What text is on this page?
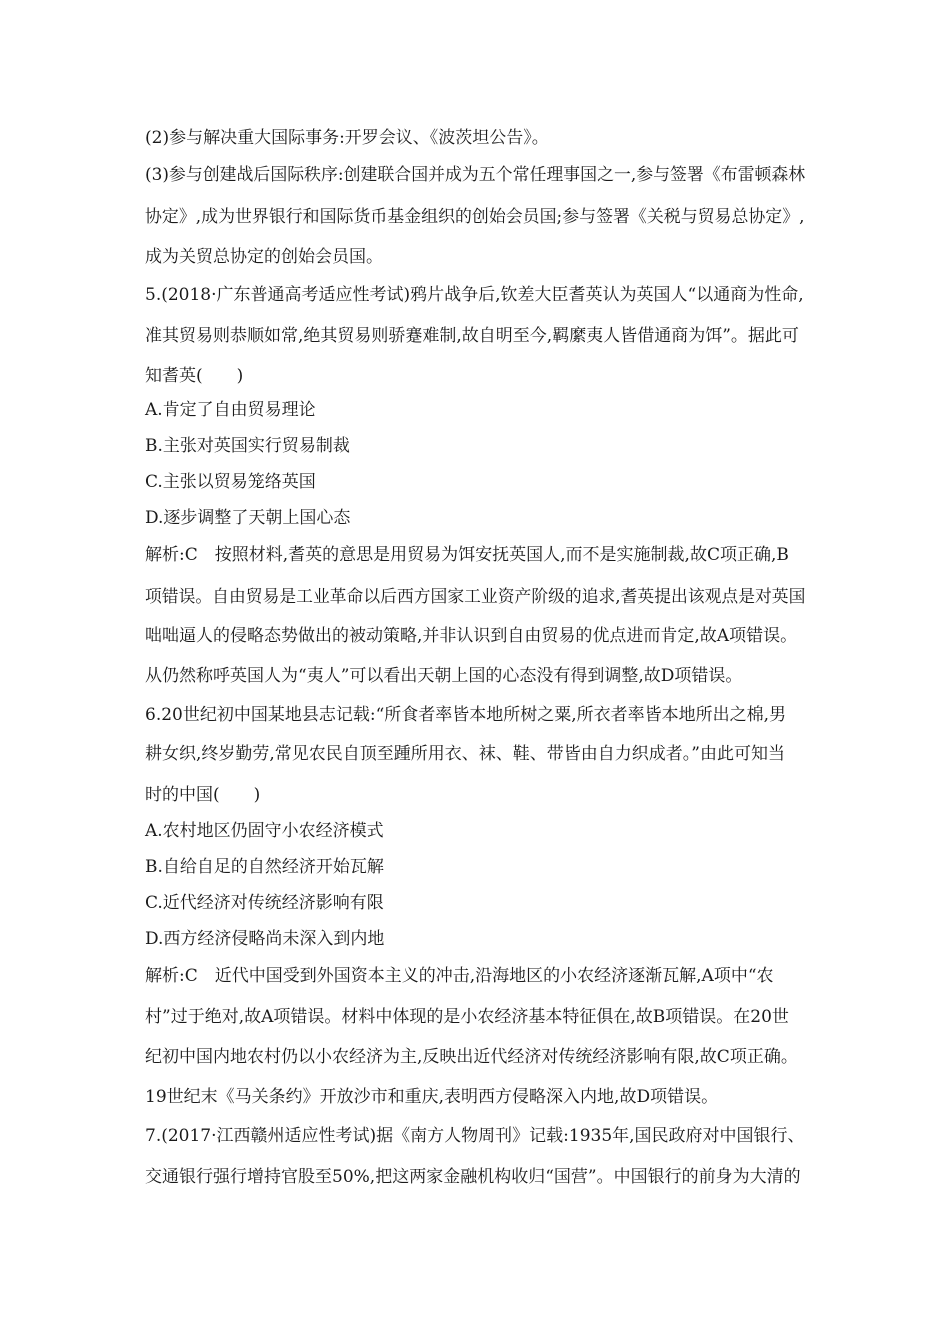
(2)参与解决重大国际事务:开罗会议、《波茨坦公告》。
(3)参与创建战后国际秩序:创建联合国并成为五个常任理事国之一,参与签署《布雷顿森林
协定》,成为世界银行和国际货币基金组织的创始会员国;参与签署《关税与贸易总协定》,
成为关贸总协定的创始会员国。
5.(2018·广东普通高考适应性考试)鸦片战争后,钦差大臣耆英认为英国人“以通商为性命,
准其贸易则恭顺如常,绝其贸易则骄蹇难制,故自明至今,羁縻夷人皆借通商为饵”。据此可
知耆英(　　)
A.肯定了自由贸易理论
B.主张对英国实行贸易制裁
C.主张以贸易笼络英国
D.逐步调整了天朝上国心态
解析:C　按照材料,耆英的意思是用贸易为饵安抚英国人,而不是实施制裁,故C项正确,B
项错误。自由贸易是工业革命以后西方国家工业资产阶级的追求,耆英提出该观点是对英国
咄咄逼人的侵略态势做出的被动策略,并非认识到自由贸易的优点进而肯定,故A项错误。
从仍然称呼英国人为“夷人”可以看出天朝上国的心态没有得到调整,故D项错误。
6.20世纪初中国某地县志记载:“所食者率皆本地所树之粟,所衣者率皆本地所出之棉,男
耕女织,终岁勤劳,常见农民自顶至踵所用衣、袜、鞋、带皆由自力织成者。”由此可知当
时的中国(　　)
A.农村地区仍固守小农经济模式
B.自给自足的自然经济开始瓦解
C.近代经济对传统经济影响有限
D.西方经济侵略尚未深入到内地
解析:C　近代中国受到外国资本主义的冲击,沿海地区的小农经济逐渐瓦解,A项中“农
村”过于绝对,故A项错误。材料中体现的是小农经济基本特征俱在,故B项错误。在20世
纪初中国内地农村仍以小农经济为主,反映出近代经济对传统经济影响有限,故C项正确。
19世纪末《马关条约》开放沙市和重庆,表明西方侵略深入内地,故D项错误。
7.(2017·江西赣州适应性考试)据《南方人物周刊》记载:1935年,国民政府对中国银行、
交通银行强行增持官股至50%,把这两家金融机构收归“国营”。中国银行的前身为大清的
